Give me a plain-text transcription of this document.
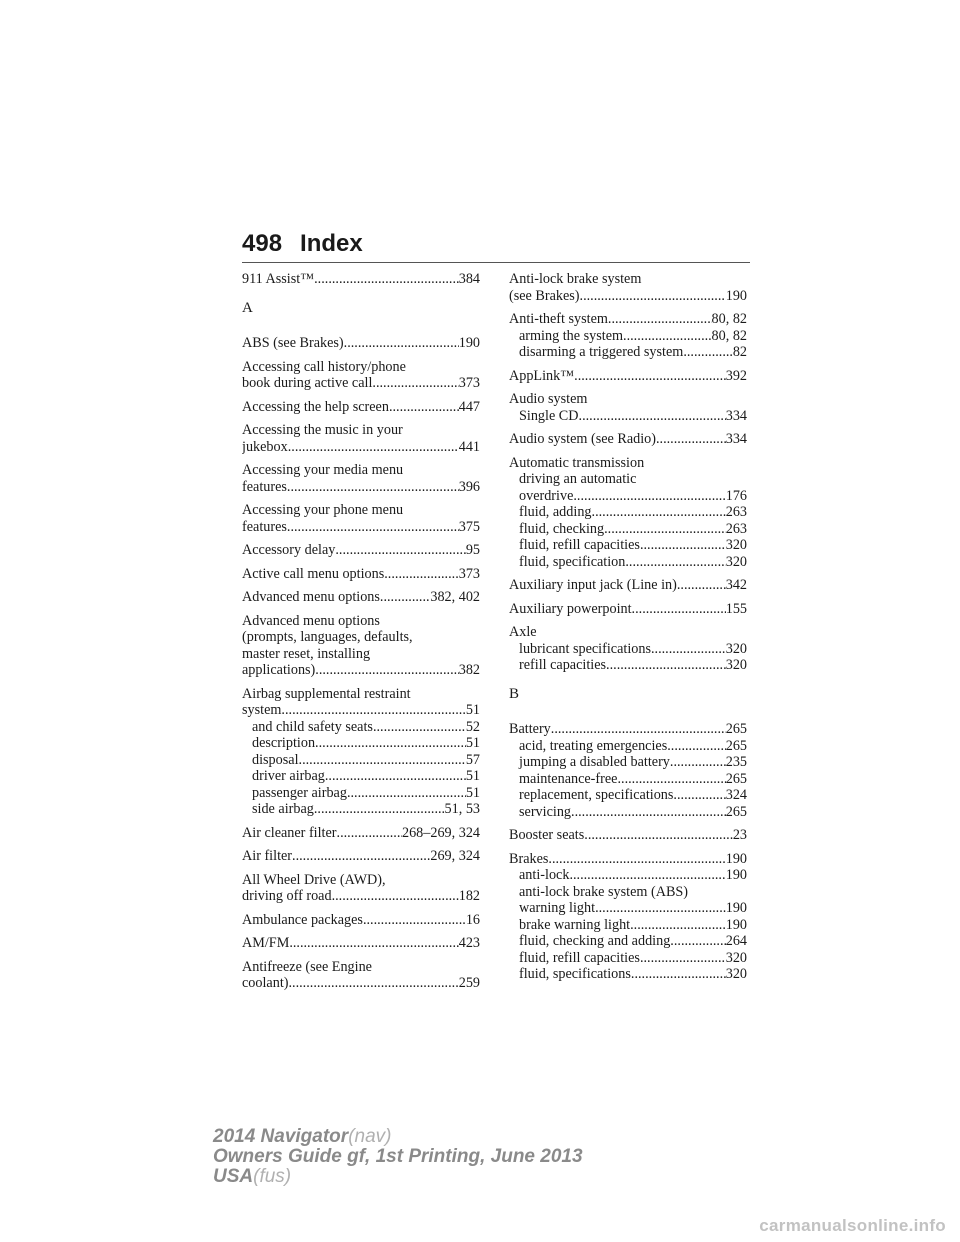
498 Index
911 Assist™ .....	384
A
ABS (see Brakes) .....	190
Accessing call history/phone
book during active call .....	373
Accessing the help screen .....	447
Accessing the music in your
jukebox .....	441
Accessing your media menu
features .....	396
Accessing your phone menu
features .....	375
Accessory delay .....	95
Active call menu options .....	373
Advanced menu options .....	382, 402
Advanced menu options
(prompts, languages, defaults,
master reset, installing
applications) .....	382
Airbag supplemental restraint
system .....	51
and child safety seats .....	52
description .....	51
disposal .....	57
driver airbag .....	51
passenger airbag .....	51
side airbag .....	51, 53
Air cleaner filter .....	268–269, 324
Air filter .....	269, 324
All Wheel Drive (AWD),
driving off road .....	182
Ambulance packages .....	16
AM/FM .....	423
Antifreeze (see Engine
coolant) .....	259
Anti-lock brake system
(see Brakes) .....	190
Anti-theft system .....	80, 82
arming the system .....	80, 82
disarming a triggered system .....	82
AppLink™ .....	392
Audio system
Single CD .....	334
Audio system (see Radio) .....	334
Automatic transmission
driving an automatic
overdrive .....	176
fluid, adding .....	263
fluid, checking .....	263
fluid, refill capacities .....	320
fluid, specification .....	320
Auxiliary input jack (Line in) .....	342
Auxiliary powerpoint .....	155
Axle
lubricant specifications .....	320
refill capacities .....	320
B
Battery .....	265
acid, treating emergencies .....	265
jumping a disabled battery .....	235
maintenance-free .....	265
replacement, specifications .....	324
servicing .....	265
Booster seats .....	23
Brakes .....	190
anti-lock .....	190
anti-lock brake system (ABS)
warning light .....	190
brake warning light .....	190
fluid, checking and adding .....	264
fluid, refill capacities .....	320
fluid, specifications .....	320
2014 Navigator(nav)
Owners Guide gf, 1st Printing, June 2013
USA(fus)
carmanualsonline.info
